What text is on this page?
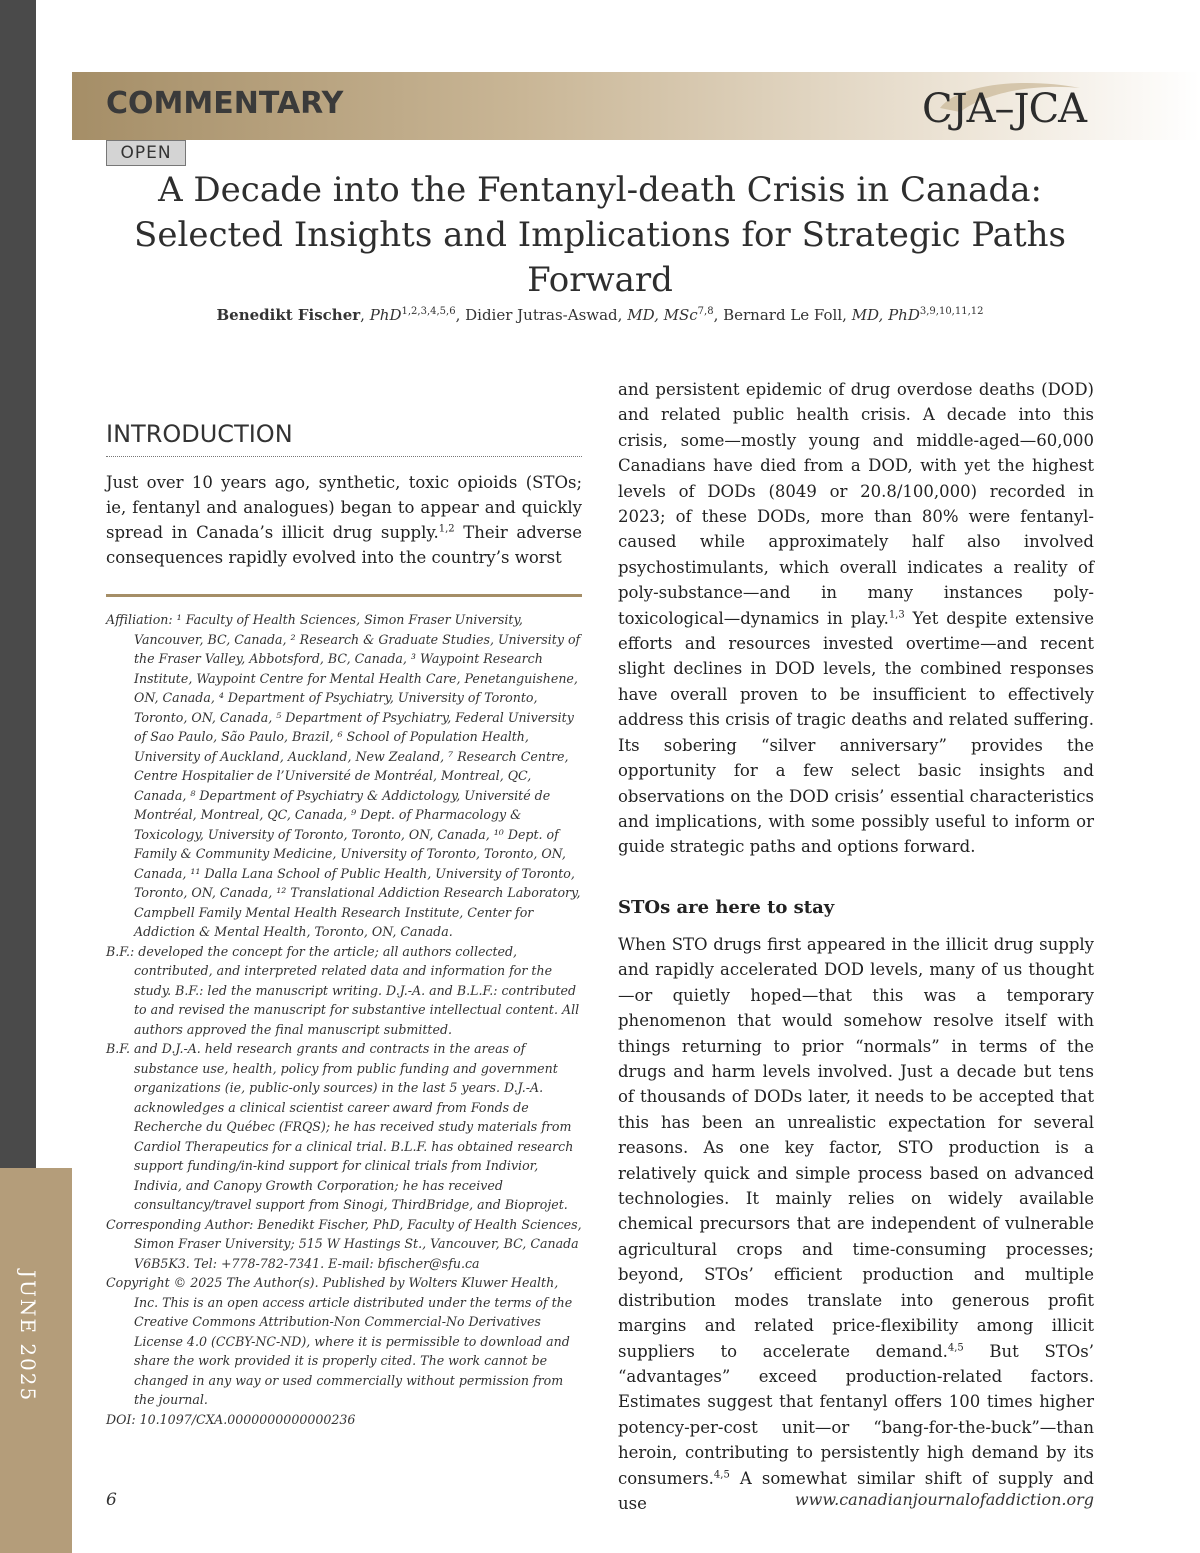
JUNE 2025
COMMENTARY	CJA–JCA
OPEN
A Decade into the Fentanyl-death Crisis in Canada: Selected Insights and Implications for Strategic Paths Forward
Benedikt Fischer, PhD$^{1,2,3,4,5,6}$, Didier Jutras-Aswad, MD, MSc$^{7,8}$, Bernard Le Foll, MD, PhD$^{3,9,10,11,12}$
INTRODUCTION
Just over 10 years ago, synthetic, toxic opioids (STOs; ie, fentanyl and analogues) began to appear and quickly spread in Canada’s illicit drug supply.$^{1,2}$ Their adverse consequences rapidly evolved into the country’s worst

Affiliation: ¹ Faculty of Health Sciences, Simon Fraser University, Vancouver, BC, Canada, ² Research & Graduate Studies, University of the Fraser Valley, Abbotsford, BC, Canada, ³ Waypoint Research Institute, Waypoint Centre for Mental Health Care, Penetanguishene, ON, Canada, ⁴ Department of Psychiatry, University of Toronto, Toronto, ON, Canada, ⁵ Department of Psychiatry, Federal University of Sao Paulo, São Paulo, Brazil, ⁶ School of Population Health, University of Auckland, Auckland, New Zealand, ⁷ Research Centre, Centre Hospitalier de l’Université de Montréal, Montreal, QC, Canada, ⁸ Department of Psychiatry & Addictology, Université de Montréal, Montreal, QC, Canada, ⁹ Dept. of Pharmacology & Toxicology, University of Toronto, Toronto, ON, Canada, ¹⁰ Dept. of Family & Community Medicine, University of Toronto, Toronto, ON, Canada, ¹¹ Dalla Lana School of Public Health, University of Toronto, Toronto, ON, Canada, ¹² Translational Addiction Research Laboratory, Campbell Family Mental Health Research Institute, Center for Addiction & Mental Health, Toronto, ON, Canada.

B.F.: developed the concept for the article; all authors collected, contributed, and interpreted related data and information for the study. B.F.: led the manuscript writing. D.J.-A. and B.L.F.: contributed to and revised the manuscript for substantive intellectual content. All authors approved the final manuscript submitted.

B.F. and D.J.-A. held research grants and contracts in the areas of substance use, health, policy from public funding and government organizations (ie, public-only sources) in the last 5 years. D.J.-A. acknowledges a clinical scientist career award from Fonds de Recherche du Québec (FRQS); he has received study materials from Cardiol Therapeutics for a clinical trial. B.L.F. has obtained research support funding/in-kind support for clinical trials from Indivior, Indivia, and Canopy Growth Corporation; he has received consultancy/travel support from Sinogi, ThirdBridge, and Bioprojet.

Corresponding Author: Benedikt Fischer, PhD, Faculty of Health Sciences, Simon Fraser University; 515 W Hastings St., Vancouver, BC, Canada V6B5K3. Tel: +778-782-7341. E-mail: bfischer@sfu.ca

Copyright © 2025 The Author(s). Published by Wolters Kluwer Health, Inc. This is an open access article distributed under the terms of the Creative Commons Attribution-Non Commercial-No Derivatives License 4.0 (CCBY-NC-ND), where it is permissible to download and share the work provided it is properly cited. The work cannot be changed in any way or used commercially without permission from the journal.

DOI: 10.1097/CXA.0000000000000236

and persistent epidemic of drug overdose deaths (DOD) and related public health crisis. A decade into this crisis, some—mostly young and middle-aged—60,000 Canadians have died from a DOD, with yet the highest levels of DODs (8049 or 20.8/100,000) recorded in 2023; of these DODs, more than 80% were fentanyl-caused while approximately half also involved psychostimulants, which overall indicates a reality of poly-substance—and in many instances poly-toxicological—dynamics in play.$^{1,3}$ Yet despite extensive efforts and resources invested overtime—and recent slight declines in DOD levels, the combined responses have overall proven to be insufficient to effectively address this crisis of tragic deaths and related suffering. Its sobering “silver anniversary” provides the opportunity for a few select basic insights and observations on the DOD crisis’ essential characteristics and implications, with some possibly useful to inform or guide strategic paths and options forward.
STOs are here to stay
When STO drugs first appeared in the illicit drug supply and rapidly accelerated DOD levels, many of us thought—or quietly hoped—that this was a temporary phenomenon that would somehow resolve itself with things returning to prior “normals” in terms of the drugs and harm levels involved. Just a decade but tens of thousands of DODs later, it needs to be accepted that this has been an unrealistic expectation for several reasons. As one key factor, STO production is a relatively quick and simple process based on advanced technologies. It mainly relies on widely available chemical precursors that are independent of vulnerable agricultural crops and time-consuming processes; beyond, STOs’ efficient production and multiple distribution modes translate into generous profit margins and related price-flexibility among illicit suppliers to accelerate demand.$^{4,5}$ But STOs’ “advantages” exceed production-related factors. Estimates suggest that fentanyl offers 100 times higher potency-per-cost unit—or “bang-for-the-buck”—than heroin, contributing to persistently high demand by its consumers.$^{4,5}$ A somewhat similar shift of supply and use
6	www.canadianjournalofaddiction.org
